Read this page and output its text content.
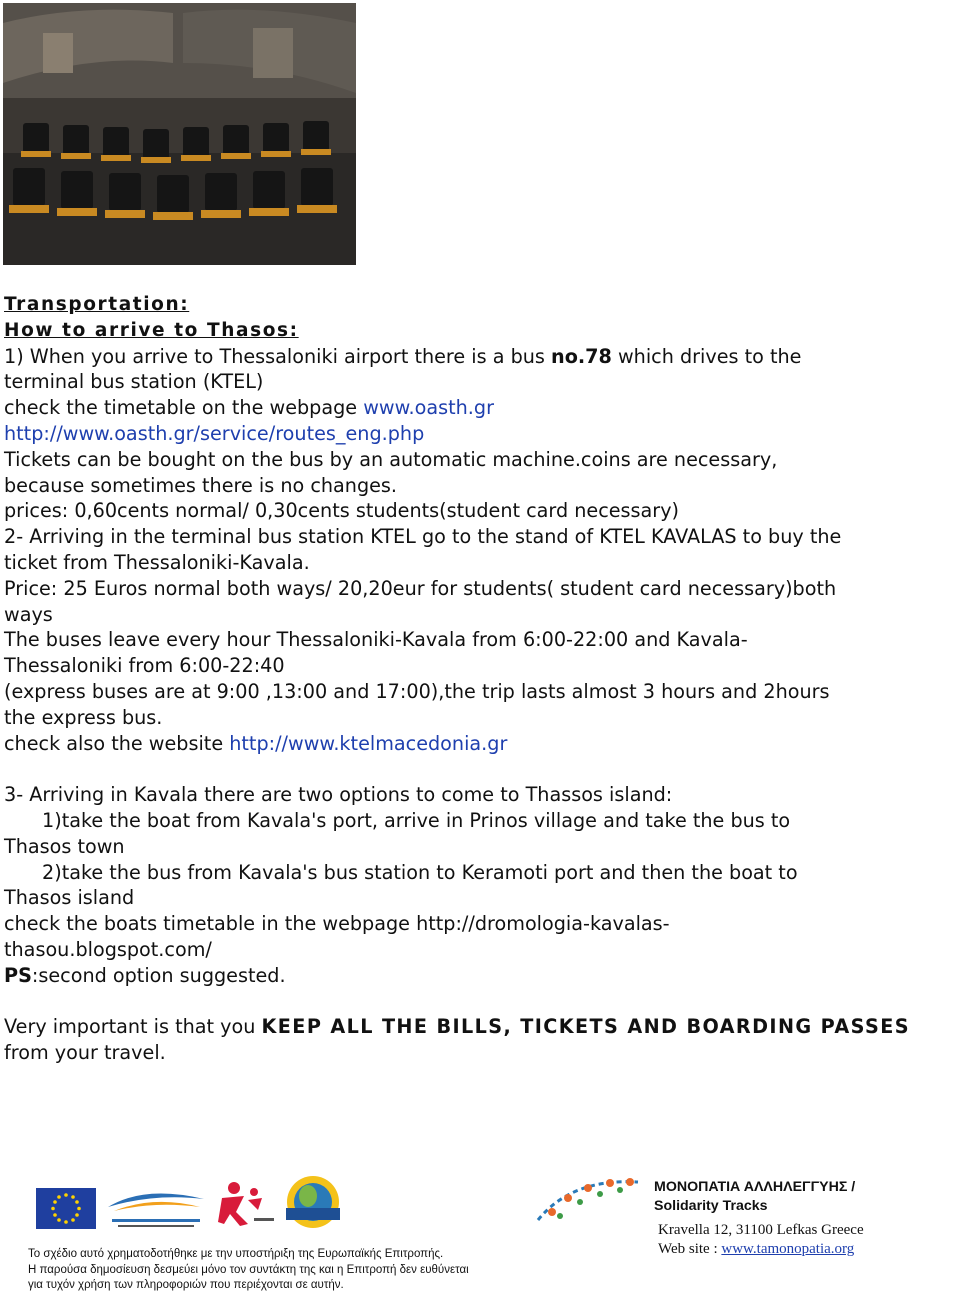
Transportation:

How to arrive to Thasos:

1) When you arrive to Thessaloniki airport there is a bus no.78 which drives to the

terminal bus station (KTEL)

check the timetable on the webpage www.oasth.gr

http://www.oasth.gr/service/routes_eng.php

Tickets can be bought on the bus by an automatic machine.coins are necessary,

because sometimes there is no changes.

prices: 0,60cents normal/ 0,30cents students(student card necessary)

2- Arriving in the terminal bus station KTEL go to the stand of KTEL KAVALAS to buy the

ticket from Thessaloniki-Kavala.

Price: 25 Euros normal both ways/ 20,20eur for students( student card necessary)both

ways

The buses leave every hour Thessaloniki-Kavala from 6:00-22:00 and Kavala-

Thessaloniki from 6:00-22:40

(express buses are at 9:00 ,13:00 and 17:00),the trip lasts almost 3 hours and 2hours

the express bus.

check also the website http://www.ktelmacedonia.gr

3- Arriving in Kavala there are two options to come to Thassos island:

1)take the boat from Kavala's port, arrive in Prinos village and take the bus to

Thasos town

2)take the bus from Kavala's bus station to Keramoti port and then the boat to

Thasos island

check the boats timetable in the webpage http://dromologia-kavalas-

thasou.blogspot.com/

PS:second option suggested.

Very important is that you KEEP ALL THE BILLS, TICKETS AND BOARDING PASSES

from your travel.

Το σχέδιο αυτό χρηματοδοτήθηκε με την υποστήριξη της Ευρωπαϊκής Επιτροπής.
Η παρούσα δημοσίευση δεσμεύει μόνο τον συντάκτη της και η Επιτροπή δεν ευθύνεται
για τυχόν χρήση των πληροφοριών που περιέχονται σε αυτήν.
ΜΟΝΟΠΑΤΙΑ ΑΛΛΗΛΕΓΓΥΗΣ /
Solidarity Tracks
Kravella 12, 31100 Lefkas Greece
Web site : www.tamonopatia.org
